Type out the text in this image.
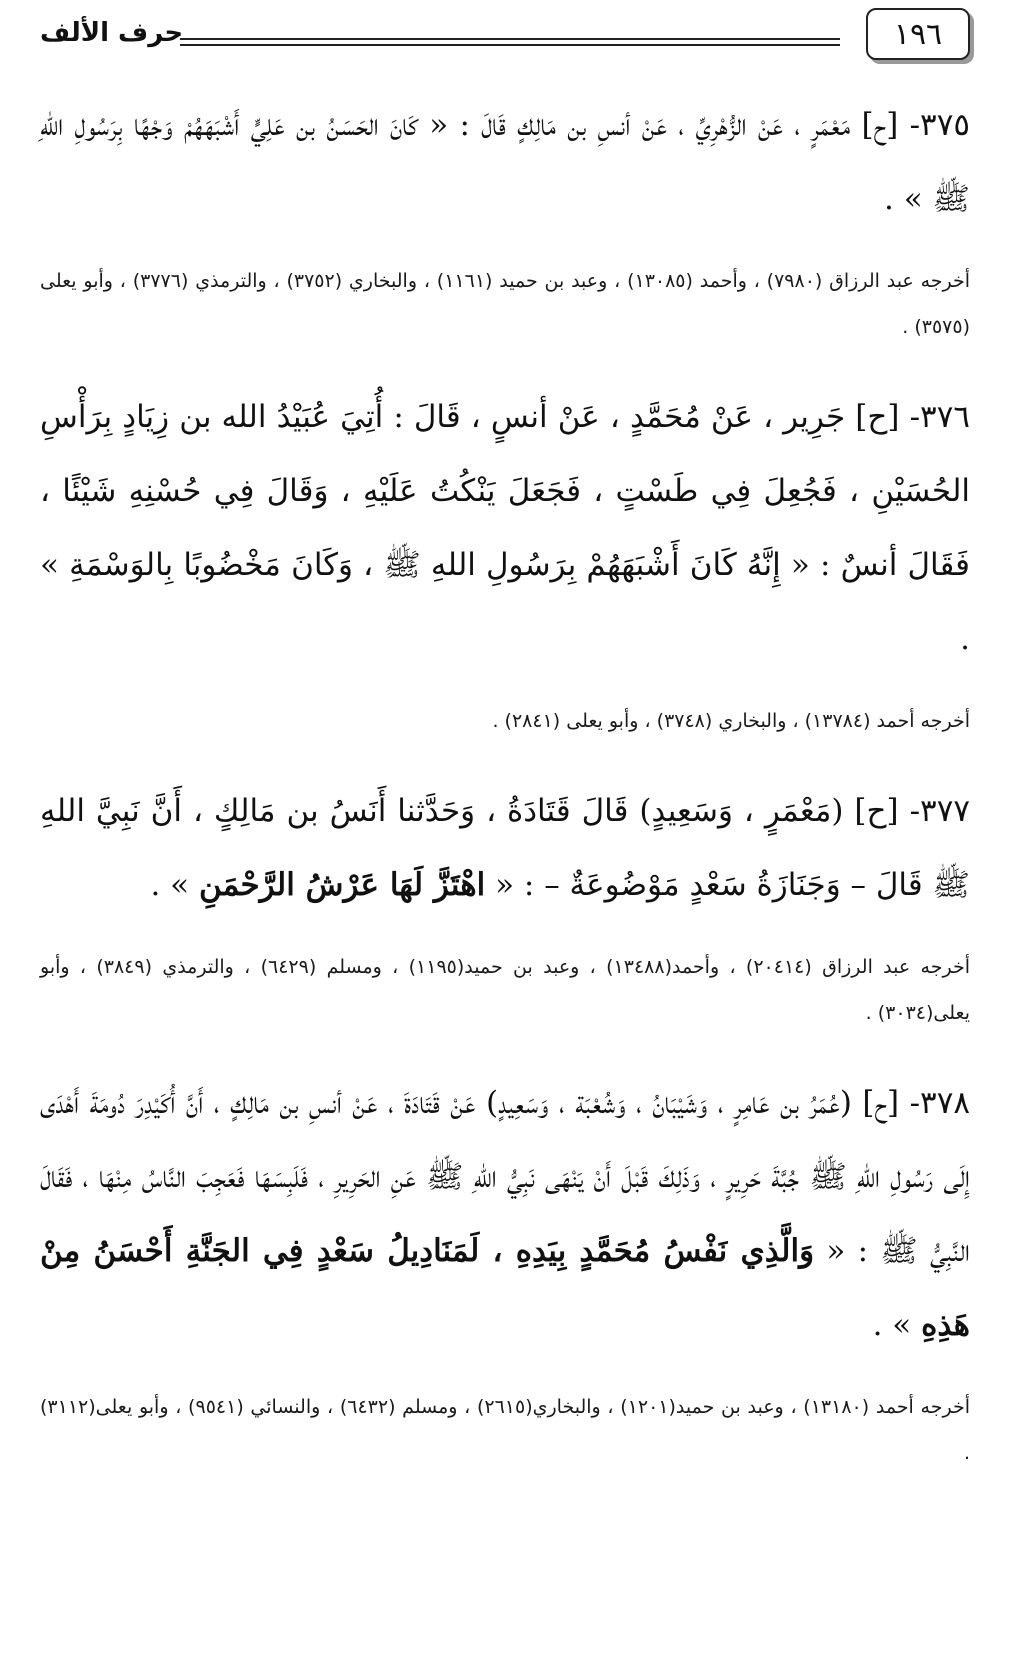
١٩٦
حرف الألف

٣٧٥- [ح] مَعْمَرٍ ، عَنْ الزُّهْرِيِّ ، عَنْ أنسِ بن مَالِكٍ قَالَ : « كَانَ الحَسَنُ بن عَلِيٍّ أَشْبَهَهُمْ وَجْهًا بِرَسُولِ اللهِ ﷺ » .

أخرجه عبد الرزاق (٧٩٨٠) ، وأحمد (١٣٠٨٥) ، وعبد بن حميد (١١٦١) ، والبخاري (٣٧٥٢) ، والترمذي (٣٧٧٦) ، وأبو يعلى (٣٥٧٥) .

٣٧٦- [ح] جَرِير ، عَنْ مُحَمَّدٍ ، عَنْ أنسٍ ، قَالَ : أُتِيَ عُبَيْدُ الله بن زِيَادٍ بِرَأْسِ الحُسَيْنِ ، فَجُعِلَ فِي طَسْتٍ ، فَجَعَلَ يَنْكُتُ عَلَيْهِ ، وَقَالَ فِي حُسْنِهِ شَيْئًا ، فَقَالَ أنسٌ : « إِنَّهُ كَانَ أَشْبَهَهُمْ بِرَسُولِ اللهِ ﷺ ، وَكَانَ مَخْضُوبًا بِالوَسْمَةِ » .

أخرجه أحمد (١٣٧٨٤) ، والبخاري (٣٧٤٨) ، وأبو يعلى (٢٨٤١) .

٣٧٧- [ح] (مَعْمَرٍ ، وَسَعِيدٍ) قَالَ قَتَادَةُ ، وَحَدَّثنا أَنَسُ بن مَالِكٍ ، أَنَّ نَبِيَّ اللهِ ﷺ قَالَ – وَجَنَازَةُ سَعْدٍ مَوْضُوعَةٌ – : « اهْتَزَّ لَهَا عَرْشُ الرَّحْمَنِ » .

أخرجه عبد الرزاق (٢٠٤١٤) ، وأحمد(١٣٤٨٨) ، وعبد بن حميد(١١٩٥) ، ومسلم (٦٤٢٩) ، والترمذي (٣٨٤٩) ، وأبو يعلى(٣٠٣٤) .

٣٧٨- [ح] (عُمَرُ بن عَامِرٍ ، وَشَيْبَانُ ، وَشُعْبَة ، وَسَعِيدٍ) عَنْ قَتَادَةَ ، عَنْ أنسِ بن مَالِكٍ ، أَنَّ أُكَيْدِرَ دُومَةَ أَهْدَى إِلَى رَسُولِ اللهِ ﷺ جُبَّةَ حَرِيرٍ ، وَذَلِكَ قَبْلَ أَنْ يَنْهَى نَبِيُّ اللهِ ﷺ عَنِ الحَرِيرِ ، فَلَبِسَهَا فَعَجِبَ النَّاسُ مِنْهَا ، فَقَالَ النَّبِيُّ ﷺ : « وَالَّذِي نَفْسُ مُحَمَّدٍ بِيَدِهِ ، لَمَنَادِيلُ سَعْدٍ فِي الجَنَّةِ أَحْسَنُ مِنْ هَذِهِ » .

أخرجه أحمد (١٣١٨٠) ، وعبد بن حميد(١٢٠١) ، والبخاري(٢٦١٥) ، ومسلم (٦٤٣٢) ، والنسائي (٩٥٤١) ، وأبو يعلى(٣١١٢) .
